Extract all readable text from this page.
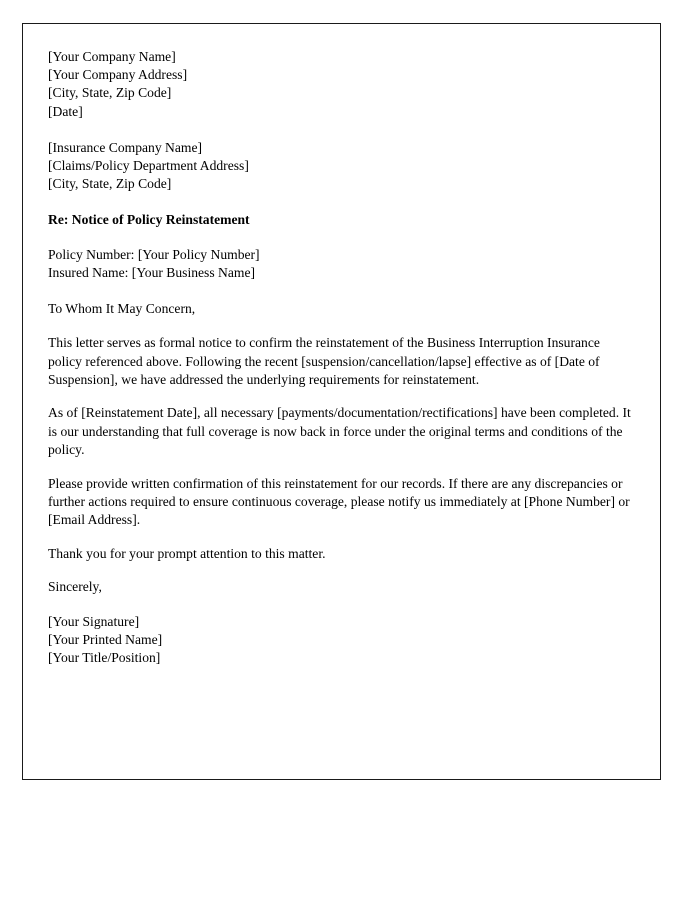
[Your Company Name]
[Your Company Address]
[City, State, Zip Code]
[Date]
[Insurance Company Name]
[Claims/Policy Department Address]
[City, State, Zip Code]
Re: Notice of Policy Reinstatement
Policy Number: [Your Policy Number]
Insured Name: [Your Business Name]
To Whom It May Concern,

This letter serves as formal notice to confirm the reinstatement of the Business Interruption Insurance policy referenced above. Following the recent [suspension/cancellation/lapse] effective as of [Date of Suspension], we have addressed the underlying requirements for reinstatement.

As of [Reinstatement Date], all necessary [payments/documentation/rectifications] have been completed. It is our understanding that full coverage is now back in force under the original terms and conditions of the policy.

Please provide written confirmation of this reinstatement for our records. If there are any discrepancies or further actions required to ensure continuous coverage, please notify us immediately at [Phone Number] or [Email Address].

Thank you for your prompt attention to this matter.

Sincerely,
[Your Signature]
[Your Printed Name]
[Your Title/Position]
